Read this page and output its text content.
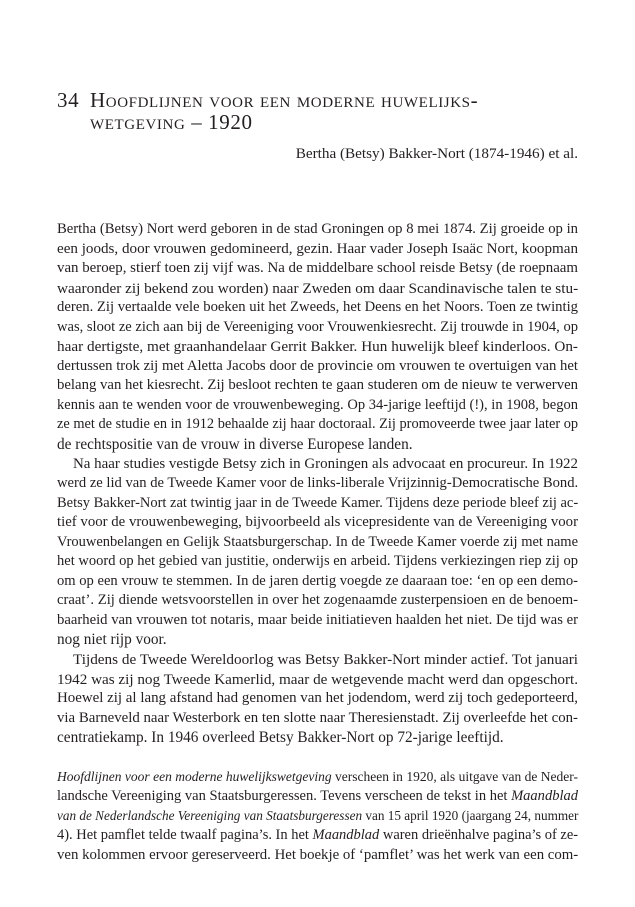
34 Hoofdlijnen voor een moderne huwelijks-
wetgeving – 1920
Bertha (Betsy) Bakker-Nort (1874-1946) et al.
Bertha (Betsy) Nort werd geboren in de stad Groningen op 8 mei 1874. Zij groeide op in
een joods, door vrouwen gedomineerd, gezin. Haar vader Joseph Isaäc Nort, koopman
van beroep, stierf toen zij vijf was. Na de middelbare school reisde Betsy (de roepnaam
waaronder zij bekend zou worden) naar Zweden om daar Scandinavische talen te stu-
deren. Zij vertaalde vele boeken uit het Zweeds, het Deens en het Noors. Toen ze twintig
was, sloot ze zich aan bij de Vereeniging voor Vrouwenkiesrecht. Zij trouwde in 1904, op
haar dertigste, met graanhandelaar Gerrit Bakker. Hun huwelijk bleef kinderloos. On-
dertussen trok zij met Aletta Jacobs door de provincie om vrouwen te overtuigen van het
belang van het kiesrecht. Zij besloot rechten te gaan studeren om de nieuw te verwerven
kennis aan te wenden voor de vrouwenbeweging. Op 34-jarige leeftijd (!), in 1908, begon
ze met de studie en in 1912 behaalde zij haar doctoraal. Zij promoveerde twee jaar later op
de rechtspositie van de vrouw in diverse Europese landen.
Na haar studies vestigde Betsy zich in Groningen als advocaat en procureur. In 1922
werd ze lid van de Tweede Kamer voor de links-liberale Vrijzinnig-Democratische Bond.
Betsy Bakker-Nort zat twintig jaar in de Tweede Kamer. Tijdens deze periode bleef zij ac-
tief voor de vrouwenbeweging, bijvoorbeeld als vicepresidente van de Vereeniging voor
Vrouwenbelangen en Gelijk Staatsburgerschap. In de Tweede Kamer voerde zij met name
het woord op het gebied van justitie, onderwijs en arbeid. Tijdens verkiezingen riep zij op
om op een vrouw te stemmen. In de jaren dertig voegde ze daaraan toe: ‘en op een demo-
craat’. Zij diende wetsvoorstellen in over het zogenaamde zusterpensioen en de benoem-
baarheid van vrouwen tot notaris, maar beide initiatieven haalden het niet. De tijd was er
nog niet rijp voor.
Tijdens de Tweede Wereldoorlog was Betsy Bakker-Nort minder actief. Tot januari
1942 was zij nog Tweede Kamerlid, maar de wetgevende macht werd dan opgeschort.
Hoewel zij al lang afstand had genomen van het jodendom, werd zij toch gedeporteerd,
via Barneveld naar Westerbork en ten slotte naar Theresienstadt. Zij overleefde het con-
centratiekamp. In 1946 overleed Betsy Bakker-Nort op 72-jarige leeftijd.
Hoofdlijnen voor een moderne huwelijkswetgeving verscheen in 1920, als uitgave van de Neder-
landsche Vereeniging van Staatsburgeressen. Tevens verscheen de tekst in het Maandblad
van de Nederlandsche Vereeniging van Staatsburgeressen van 15 april 1920 (jaargang 24, nummer
4). Het pamflet telde twaalf pagina’s. In het Maandblad waren drieënhalve pagina’s of ze-
ven kolommen ervoor gereserveerd. Het boekje of ‘pamflet’ was het werk van een com-
